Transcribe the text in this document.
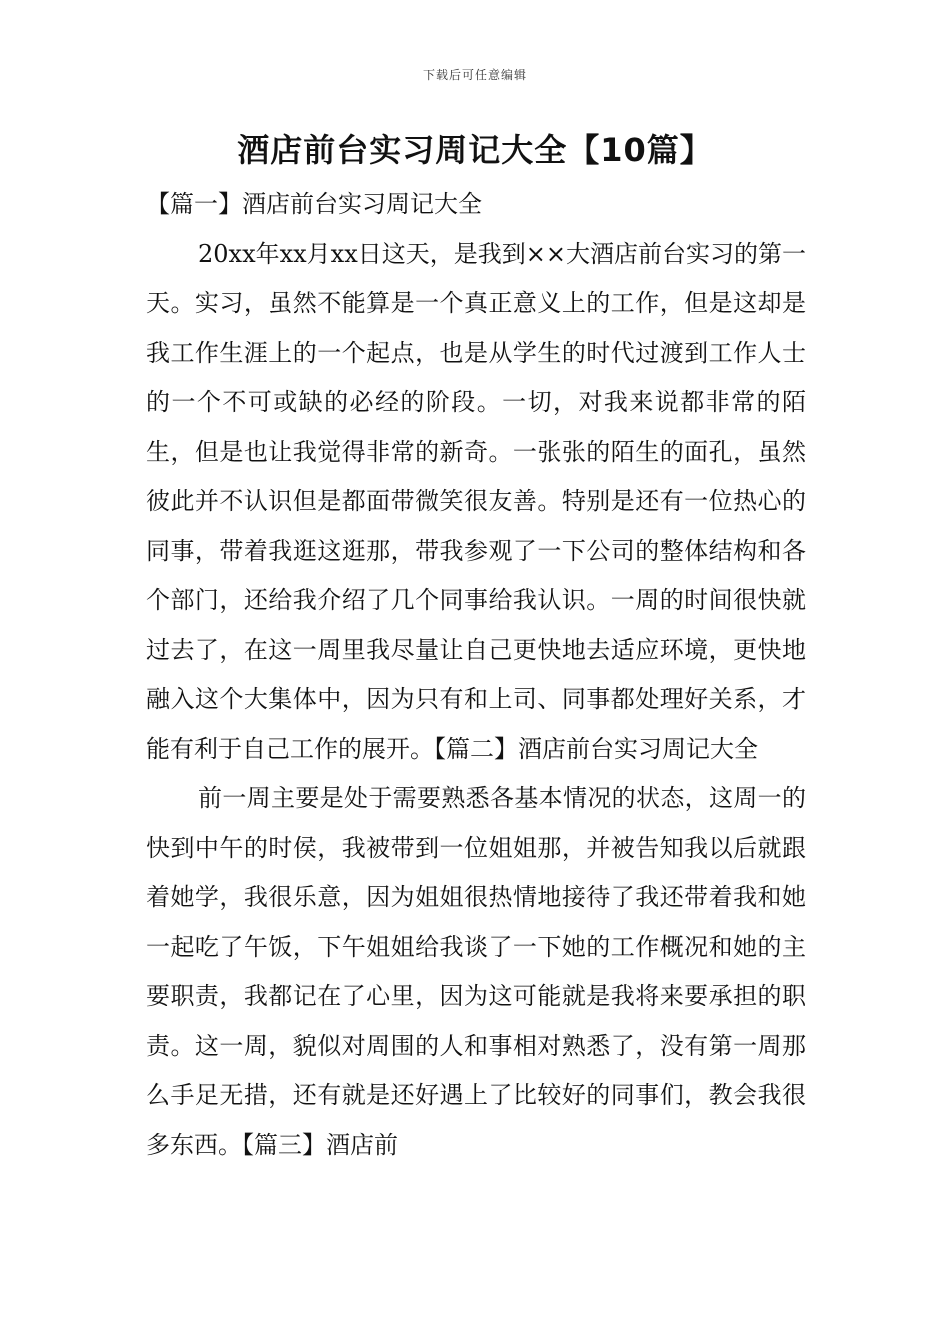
下载后可任意编辑
酒店前台实习周记大全【10篇】

【篇一】酒店前台实习周记大全

20xx年xx月xx日这天，是我到××大酒店前台实习的第一天。实习，虽然不能算是一个真正意义上的工作，但是这却是我工作生涯上的一个起点，也是从学生的时代过渡到工作人士的一个不可或缺的必经的阶段。一切，对我来说都非常的陌生，但是也让我觉得非常的新奇。一张张的陌生的面孔，虽然彼此并不认识但是都面带微笑很友善。特别是还有一位热心的同事，带着我逛这逛那，带我参观了一下公司的整体结构和各个部门，还给我介绍了几个同事给我认识。一周的时间很快就过去了，在这一周里我尽量让自己更快地去适应环境，更快地融入这个大集体中，因为只有和上司、同事都处理好关系，才能有利于自己工作的展开。【篇二】酒店前台实习周记大全

前一周主要是处于需要熟悉各基本情况的状态，这周一的快到中午的时侯，我被带到一位姐姐那，并被告知我以后就跟着她学，我很乐意，因为姐姐很热情地接待了我还带着我和她一起吃了午饭，下午姐姐给我谈了一下她的工作概况和她的主要职责，我都记在了心里，因为这可能就是我将来要承担的职责。这一周，貌似对周围的人和事相对熟悉了，没有第一周那么手足无措，还有就是还好遇上了比较好的同事们，教会我很多东西。【篇三】酒店前
